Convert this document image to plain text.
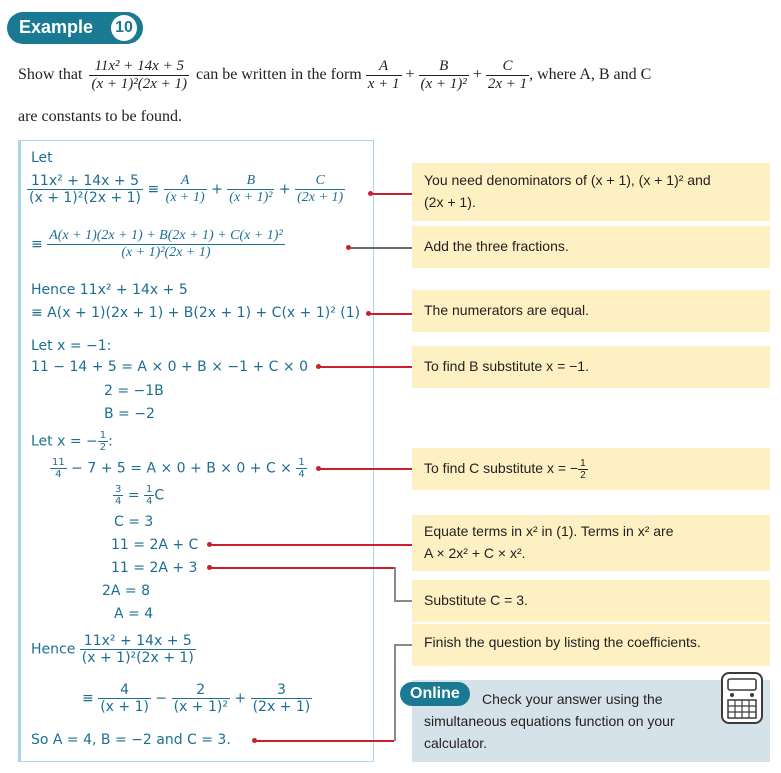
Example 10
Show that $\frac{\text{11x² + 14x + 5}}{\text{(x + 1)²(2x + 1)}}$ can be written in the form $\frac{A}{x + 1} + \frac{B}{\text{(x + 1)²}} + \frac{C}{2x + 1}$ , where A, B and C
are constants to be found.
Let
$\frac{\text{11x² + 14x + 5}}{\text{(x + 1)²(2x + 1)}} \equiv \frac{A}{(x + 1)} + \frac{B}{\text{(x + 1)²}} + \frac{C}{(2x + 1)}$
≡ $\frac{\text{A(x + 1)(2x + 1) + B(2x + 1) + C(x + 1)²}}{\text{(x + 1)²(2x + 1)}}$
Hence 11x² + 14x + 5
≡ A(x + 1)(2x + 1) + B(2x + 1) + C(x + 1)² (1)
Let x = −1:
11 − 14 + 5 = A × 0 + B × −1 + C × 0
2 = −1B
B = −2
Let x = − $\frac{1}{2}$ :
$\frac{11}{4} - 7 + 5 = A \times 0 + B \times 0 + C \times \frac{1}{4}$
$\frac{3}{4} = \frac{1}{4}$ C
C = 3
11 = 2A + C
11 = 2A + 3
2A = 8
A = 4
Hence $\frac{\text{11x² + 14x + 5}}{\text{(x + 1)²(2x + 1)}}$
≡ $\frac{4}{(x + 1)} - \frac{2}{\text{(x + 1)²}} + \frac{3}{(2x + 1)}$
So A = 4, B = −2 and C = 3.
You need denominators of (x + 1), (x + 1)² and
(2x + 1).
Add the three fractions.
The numerators are equal.
To find B substitute x = −1.
To find C substitute x = − $\frac{1}{2}$
Equate terms in x² in (1). Terms in x² are
A × 2x² + C × x².
Substitute C = 3.
Finish the question by listing the coefficients.
Online	Check your answer using the
simultaneous equations function on your
calculator.
